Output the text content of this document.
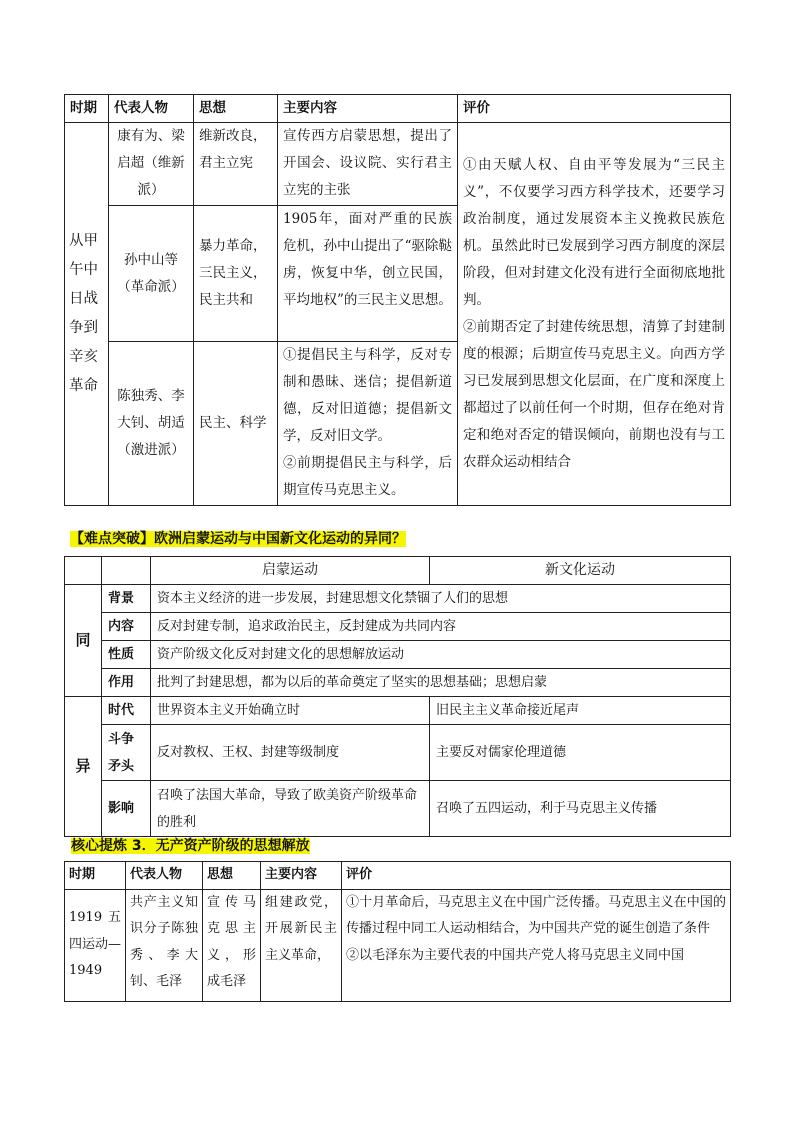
时期	代表人物	思想	主要内容	评价
从甲午中日战争到辛亥革命	康有为、梁启超（维新派）	维新改良，君主立宪	宣传西方启蒙思想，提出了开国会、设议院、实行君主立宪的主张	①由天赋人权、自由平等发展为“三民主义”，不仅要学习西方科学技术，还要学习政治制度，通过发展资本主义挽救民族危机。虽然此时已发展到学习西方制度的深层阶段，但对封建文化没有进行全面彻底地批判。
②前期否定了封建传统思想，清算了封建制度的根源；后期宣传马克思主义。向西方学习已发展到思想文化层面，在广度和深度上都超过了以前任何一个时期，但存在绝对肯定和绝对否定的错误倾向，前期也没有与工农群众运动相结合

	孙中山等（革命派）	暴力革命，三民主义，民主共和	1905年，面对严重的民族危机，孙中山提出了“驱除鞑虏，恢复中华，创立民国，平均地权”的三民主义思想。	
	陈独秀、李大钊、胡适（激进派）	民主、科学	①提倡民主与科学，反对专制和愚昧、迷信；提倡新道德，反对旧道德；提倡新文学，反对旧文学。
②前期提倡民主与科学，后期宣传马克思主义。	
【难点突破】欧洲启蒙运动与中国新文化运动的异同？
		启蒙运动	新文化运动
同	背景	资本主义经济的进一步发展，封建思想文化禁锢了人们的思想	
	内容	反对封建专制，追求政治民主，反封建成为共同内容	
	性质	资产阶级文化反对封建文化的思想解放运动	
	作用	批判了封建思想，都为以后的革命奠定了坚实的思想基础；思想启蒙	
异	时代	世界资本主义开始确立时	旧民主主义革命接近尾声
	斗争矛头	反对教权、王权、封建等级制度	主要反对儒家伦理道德
	影响	召唤了法国大革命，导致了欧美资产阶级革命的胜利	召唤了五四运动，利于马克思主义传播
核心提炼 3．无产资产阶级的思想解放
时期	代表人物	思想	主要内容	评价
1919五四运动—1949	共产主义知识分子陈独秀、李大钊、毛泽	宣传马克思主义，形成毛泽	组建政党，开展新民主主义革命，	①十月革命后，马克思主义在中国广泛传播。马克思主义在中国的传播过程中同工人运动相结合，为中国共产党的诞生创造了条件
②以毛泽东为主要代表的中国共产党人将马克思主义同中国
